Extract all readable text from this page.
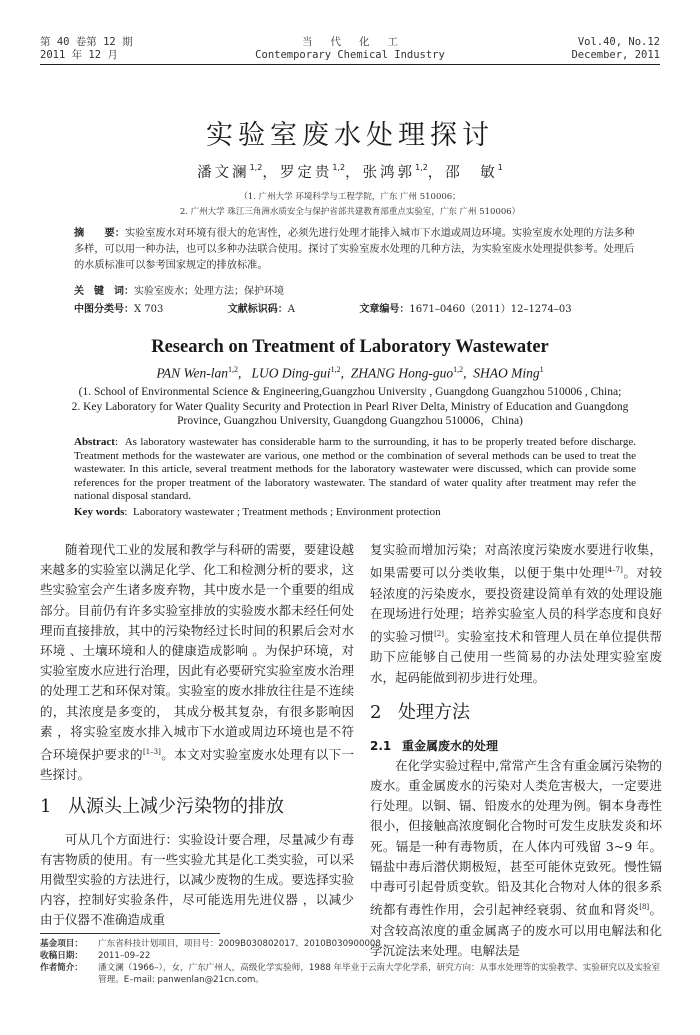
第 40 卷第 12 期
2011 年 12 月
当代化工
Contemporary Chemical Industry
Vol.40, No.12
December, 2011
实验室废水处理探讨
潘文澜$^{1,2}$，罗定贵$^{1,2}$，张鸿郭$^{1,2}$，邵　敏$^1$
（1. 广州大学 环境科学与工程学院，广东 广州 510006；
2. 广州大学 珠江三角洲水质安全与保护省部共建教育部重点实验室，广东 广州 510006）
摘　　要：实验室废水对环境有很大的危害性，必须先进行处理才能排入城市下水道或周边环境。实验室废水处理的方法多种多样，可以用一种办法，也可以多种办法联合使用。探讨了实验室废水处理的几种方法，为实验室废水处理提供参考。处理后的水质标准可以参考国家规定的排放标准。
关　键　词：实验室废水；处理方法；保护环境
中图分类号：X 703	文献标识码：A	文章编号：1671–0460（2011）12–1274–03
Research on Treatment of Laboratory Wastewater
PAN Wen-lan$^{1,2}$,   LUO Ding-gui$^{1,2}$,  ZHANG Hong-guo$^{1,2}$,  SHAO Ming$^1$
(1. School of Environmental Science & Engineering,Guangzhou University , Guangdong Guangzhou 510006 , China;
2. Key Laboratory for Water Quality Security and Protection in Pearl River Delta, Ministry of Education and Guangdong
Province, Guangzhou University, Guangdong Guangzhou 510006，China)
Abstract:  As laboratory wastewater has considerable harm to the surrounding, it has to be properly treated before discharge. Treatment methods for the wastewater are various, one method or the combination of several methods can be used to treat the wastewater. In this article, several treatment methods for the laboratory wastewater were discussed, which can provide some references for the proper treatment of the laboratory wastewater. The standard of water quality after treatment may refer the national disposal standard.
Key words:  Laboratory wastewater ; Treatment methods ; Environment protection

随着现代工业的发展和教学与科研的需要，要建设越来越多的实验室以满足化学、化工和检测分析的要求，这些实验室会产生诸多废弃物，其中废水是一个重要的组成部分。目前仍有许多实验室排放的实验废水都未经任何处理而直接排放，其中的污染物经过长时间的积累后会对水环境 、土壤环境和人的健康造成影响 。为保护环境，对实验室废水应进行治理，因此有必要研究实验室废水治理的处理工艺和环保对策。实验室的废水排放往往是不连续的，其浓度是多变的， 其成分极其复杂，有很多影响因素 ，将实验室废水排入城市下水道或周边环境也是不符合环境保护要求的[1–3]。本文对实验室废水处理有以下一些探讨。

1 从源头上减少污染物的排放

可从几个方面进行：实验设计要合理，尽量减少有毒有害物质的使用。有一些实验尤其是化工类实验，可以采用微型实验的方法进行，以减少废物的生成。要选择实验内容，控制好实验条件，尽可能选用先进仪器 ，以减少由于仪器不准确造成重

复实验而增加污染；对高浓度污染废水要进行收集，如果需要可以分类收集，以便于集中处理[4–7]。对较轻浓度的污染废水，要投资建设简单有效的处理设施在现场进行处理；培养实验室人员的科学态度和良好的实验习惯[2]。实验室技术和管理人员在单位提供帮助下应能够自己使用一些简易的办法处理实验室废水，起码能做到初步进行处理。

2 处理方法
2.1 重金属废水的处理

在化学实验过程中,常常产生含有重金属污染物的废水。重金属废水的污染对人类危害极大，一定要进行处理。以铜、镉、铅废水的处理为例。铜本身毒性很小，但接触高浓度铜化合物时可发生皮肤发炎和坏死。镉是一种有毒物质，在人体内可残留 3~9 年。镉盐中毒后潜伏期极短，甚至可能休克致死。慢性镉中毒可引起骨质变软。铅及其化合物对人体的很多系统都有毒性作用，会引起神经衰弱、贫血和肾炎[8]。对含较高浓度的重金属离子的废水可以用电解法和化学沉淀法来处理。电解法是

基金项目：	广东省科技计划项目，项目号：2009B030802017、2010B030900008 。
收稿日期：	2011–09–22
作者简介：	潘文澜（1966–），女，广东广州人，高级化学实验师，1988 年毕业于云南大学化学系，研究方向：从事水处理等的实验教学、实验研究以及实验室管理。E–mail: panwenlan@21cn.com。
